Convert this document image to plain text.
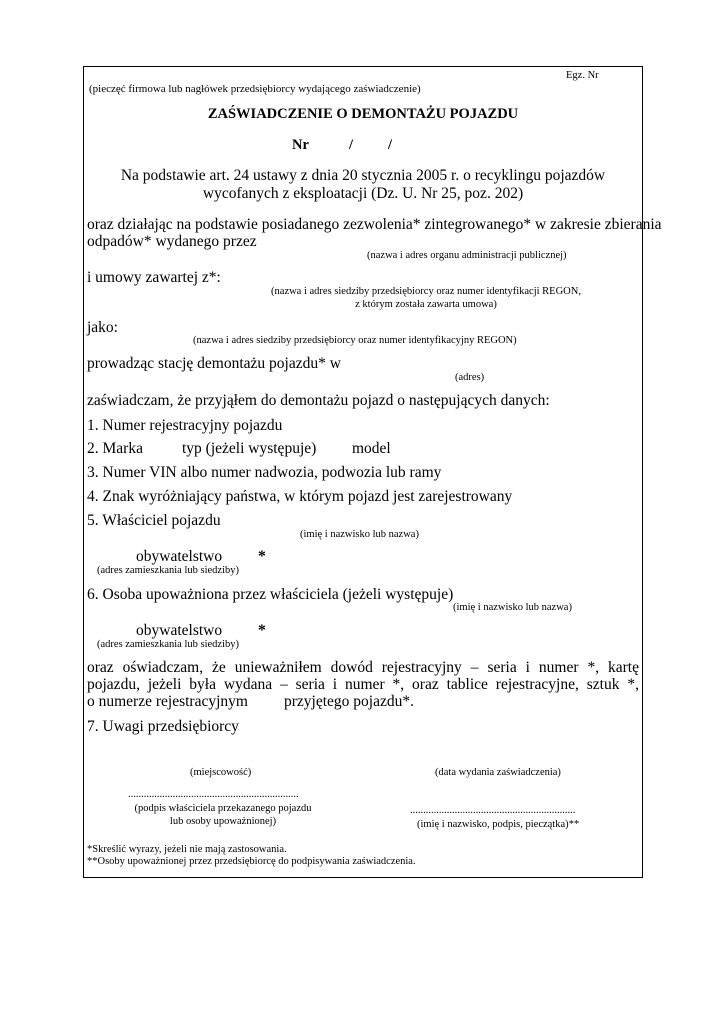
Egz. Nr
(pieczęć firmowa lub nagłówek przedsiębiorcy wydającego zaświadczenie)
ZAŚWIADCZENIE O DEMONTAŻU POJAZDU
Nr	/ /
Na podstawie art. 24 ustawy z dnia 20 stycznia 2005 r. o recyklingu pojazdów
wycofanych z eksploatacji (Dz. U. Nr 25, poz. 202)
oraz działając na podstawie posiadanego zezwolenia* zintegrowanego* w zakresie zbierania
odpadów* wydanego przez
(nazwa i adres organu administracji publicznej)
i umowy zawartej z*:
(nazwa i adres siedziby przedsiębiorcy oraz numer identyfikacji REGON,
z którym została zawarta umowa)
jako:
(nazwa i adres siedziby przedsiębiorcy oraz numer identyfikacyjny REGON)
prowadząc stację demontażu pojazdu* w
(adres)
zaświadczam, że przyjąłem do demontażu pojazd o następujących danych:
1. Numer rejestracyjny pojazdu
2. Marka	typ (jeżeli występuje) model
3. Numer VIN albo numer nadwozia, podwozia lub ramy
4. Znak wyróżniający państwa, w którym pojazd jest zarejestrowany
5. Właściciel pojazdu
(imię i nazwisko lub nazwa)
obywatelstwo *
(adres zamieszkania lub siedziby)
6. Osoba upoważniona przez właściciela (jeżeli występuje)
(imię i nazwisko lub nazwa)
obywatelstwo *
(adres zamieszkania lub siedziby)
oraz oświadczam, że unieważniłem dowód rejestracyjny – seria i numer *, kartę
pojazdu, jeżeli była wydana – seria i numer *, oraz tablice rejestracyjne, sztuk *,
o numerze rejestracyjnym przyjętego pojazdu*.
7. Uwagi przedsiębiorcy
(miejscowość)	(data wydania zaświadczenia)
.................................................................
(podpis właściciela przekazanego pojazdu
lub osoby upoważnionej)
...............................................................
(imię i nazwisko, podpis, pieczątka)**
*Skreślić wyrazy, jeżeli nie mają zastosowania.
**Osoby upoważnionej przez przedsiębiorcę do podpisywania zaświadczenia.
